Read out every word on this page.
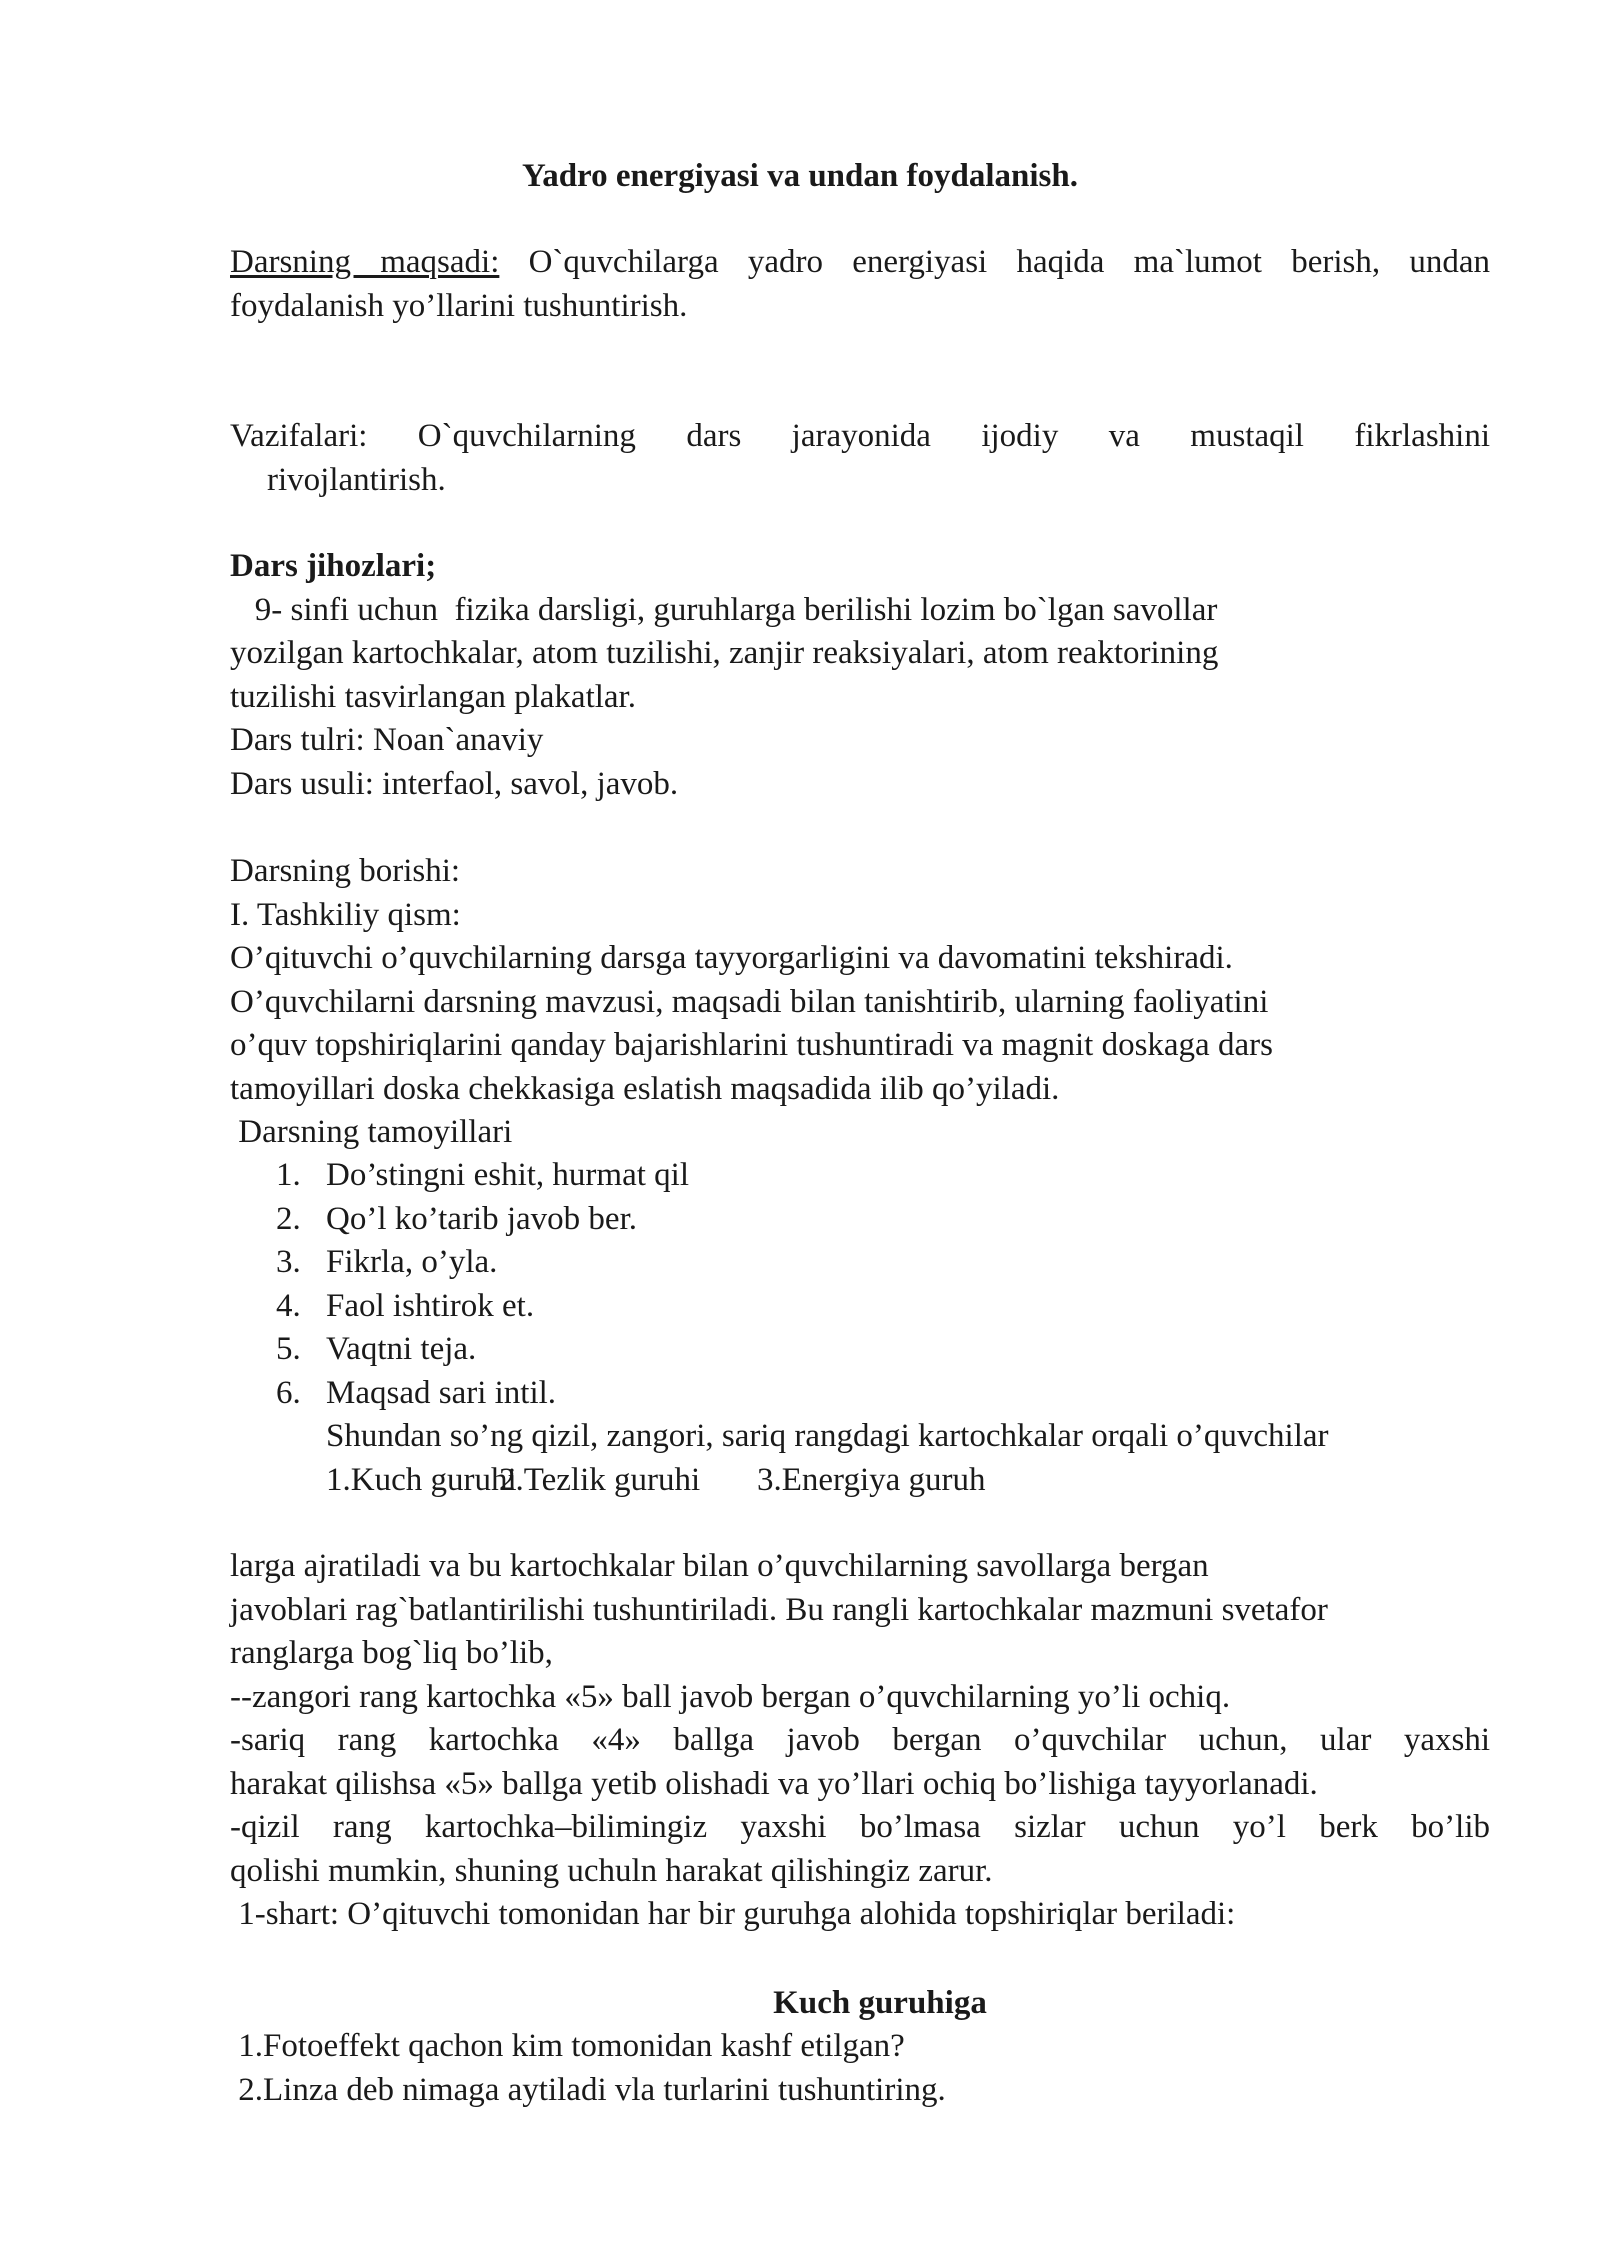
Yadro energiyasi va undan foydalanish.

Darsning maqsadi: O`quvchilarga yadro energiyasi haqida ma`lumot berish, undan
foydalanish yo’llarini tushuntirish.
Vazifalari: O`quvchilarning dars jarayonida ijodiy va mustaqil fikrlashini
rivojlantirish.
Dars jihozlari;
9- sinfi uchun  fizika darsligi, guruhlarga berilishi lozim bo`lgan savollar
yozilgan kartochkalar, atom tuzilishi, zanjir reaksiyalari, atom reaktorining
tuzilishi tasvirlangan plakatlar.
Dars tulri: Noan`anaviy
Dars usuli: interfaol, savol, javob.
Darsning borishi:
I. Tashkiliy qism:
O’qituvchi o’quvchilarning darsga tayyorgarligini va davomatini tekshiradi.
O’quvchilarni darsning mavzusi, maqsadi bilan tanishtirib, ularning faoliyatini
o’quv topshiriqlarini qanday bajarishlarini tushuntiradi va magnit doskaga dars
tamoyillari doska chekkasiga eslatish maqsadida ilib qo’yiladi.
Darsning tamoyillari
1. Do’stingni eshit, hurmat qil
2. Qo’l ko’tarib javob ber.
3. Fikrla, o’yla.
4. Faol ishtirok et.
5. Vaqtni teja.
6. Maqsad sari intil.
Shundan so’ng qizil, zangori, sariq rangdagi kartochkalar orqali o’quvchilar
1.Kuch guruhi2.Tezlik guruhi 3.Energiya guruh
larga ajratiladi va bu kartochkalar bilan o’quvchilarning savollarga bergan
javoblari rag`batlantirilishi tushuntiriladi. Bu rangli kartochkalar mazmuni svetafor
ranglarga bog`liq bo’lib,
--zangori rang kartochka «5» ball javob bergan o’quvchilarning yo’li ochiq.
-sariq rang kartochka «4» ballga javob bergan o’quvchilar uchun, ular yaxshi
harakat qilishsa «5» ballga yetib olishadi va yo’llari ochiq bo’lishiga tayyorlanadi.
-qizil rang kartochka–bilimingiz yaxshi bo’lmasa sizlar uchun yo’l berk bo’lib
qolishi mumkin, shuning uchuln harakat qilishingiz zarur.
1-shart: O’qituvchi tomonidan har bir guruhga alohida topshiriqlar beriladi:

Kuch guruhiga

1.Fotoeffekt qachon kim tomonidan kashf etilgan?
2.Linza deb nimaga aytiladi vla turlarini tushuntiring.
